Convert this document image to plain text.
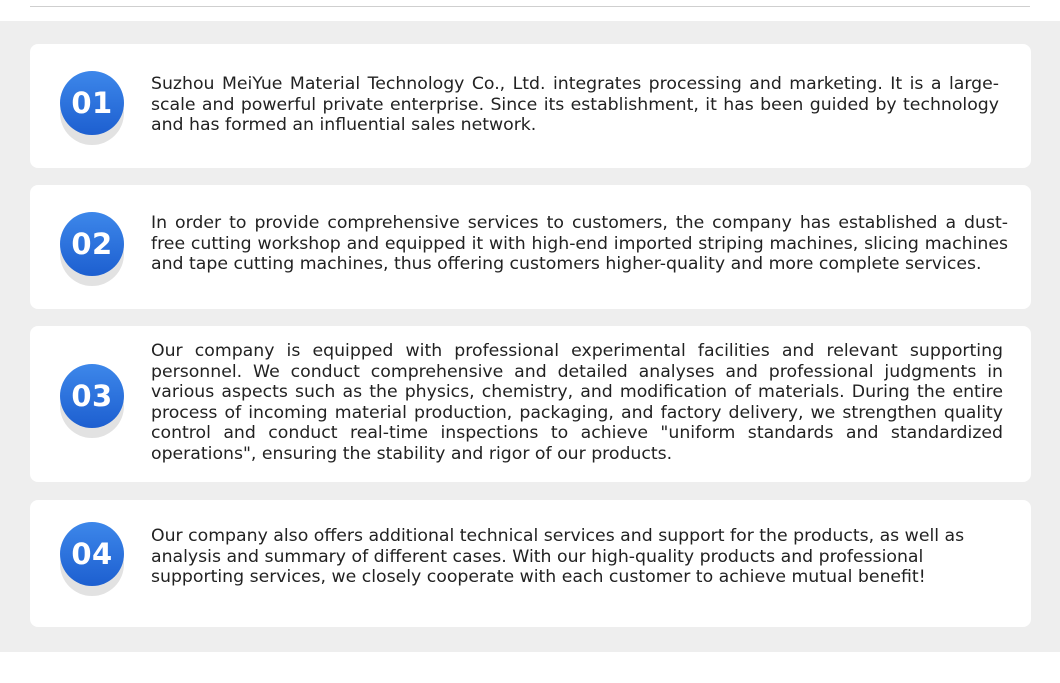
01

Suzhou MeiYue Material Technology Co., Ltd. integrates processing and marketing. It is a large-scale and powerful private enterprise. Since its establishment, it has been guided by technology and has formed an influential sales network.

02

In order to provide comprehensive services to customers, the company has established a dust-free cutting workshop and equipped it with high-end imported striping machines, slicing machines and tape cutting machines, thus offering customers higher-quality and more complete services.

03

Our company is equipped with professional experimental facilities and relevant supporting personnel. We conduct comprehensive and detailed analyses and professional judgments in various aspects such as the physics, chemistry, and modification of materials. During the entire process of incoming material production, packaging, and factory delivery, we strengthen quality control and conduct real-time inspections to achieve "uniform standards and standardized operations", ensuring the stability and rigor of our products.

04

Our company also offers additional technical services and support for the products, as well as analysis and summary of different cases. With our high-quality products and professional supporting services, we closely cooperate with each customer to achieve mutual benefit!
